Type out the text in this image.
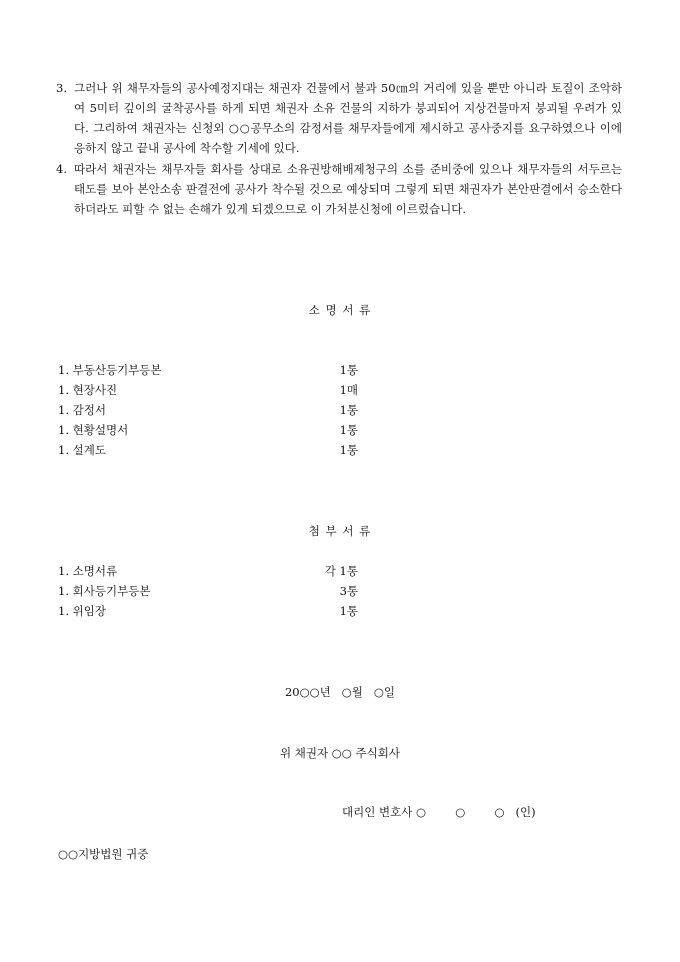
3. 그러나 위 채무자들의 공사예정지대는 채권자 건물에서 불과 50㎝의 거리에 있을 뿐만 아니라 토질이 조악하여 5미터 깊이의 굴착공사를 하게 되면 채권자 소유 건물의 지하가 붕괴되어 지상건물마저 붕괴될 우려가 있다. 그리하여 채권자는 신청외 ○○공무소의 감정서를 채무자들에게 제시하고 공사중지를 요구하였으나 이에 응하지 않고 끝내 공사에 착수할 기세에 있다.
4. 따라서 채권자는 채무자들 회사를 상대로 소유권방해배제청구의 소를 준비중에 있으나 채무자들의 서두르는 태도를 보아 본안소송 판결전에 공사가 착수될 것으로 예상되며 그렇게 되면 채권자가 본안판결에서 승소한다 하더라도 피할 수 없는 손해가 있게 되겠으므로 이 가처분신청에 이르렀습니다.
소 명 서 류
1. 부동산등기부등본	1통
1. 현장사진	1매
1. 감정서	1통
1. 현황설명서	1통
1. 설계도	1통
첨 부 서 류
1. 소명서류	각 1통
1. 회사등기부등본	3통
1. 위임장	1통
20○○년   ○월   ○일
위 채권자 ○○ 주식회사
대리인 변호사 ○        ○        ○   (인)
○○지방법원 귀중
